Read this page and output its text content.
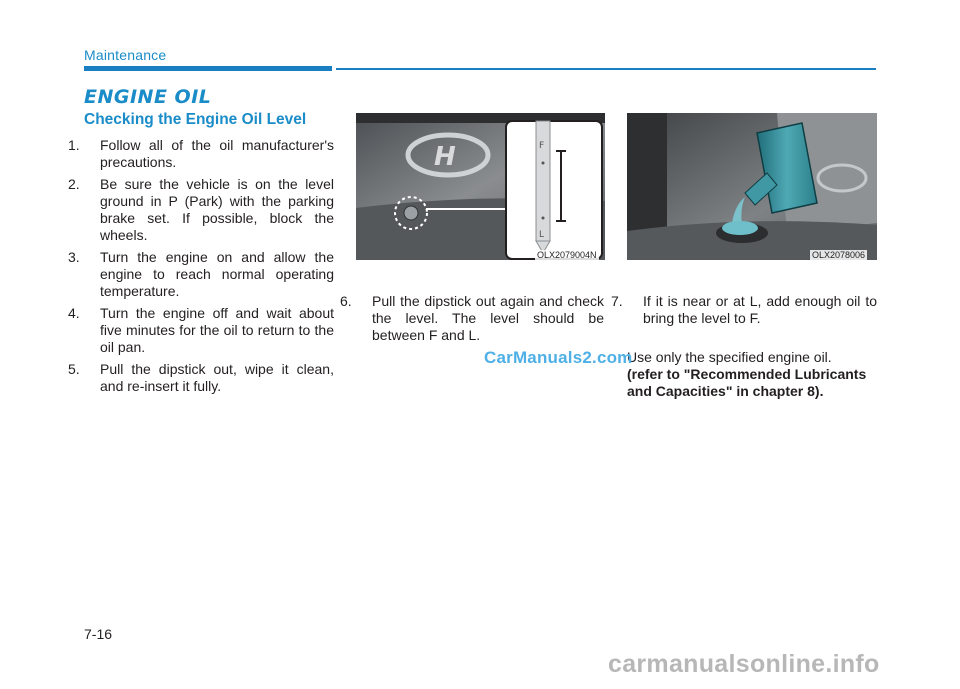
Maintenance
ENGINE OIL
Checking the Engine Oil Level
1. Follow all of the oil manufacturer's precautions.
2. Be sure the vehicle is on the level ground in P (Park) with the parking brake set. If possible, block the wheels.
3. Turn the engine on and allow the engine to reach normal operating temperature.
4. Turn the engine off and wait about five minutes for the oil to return to the oil pan.
5. Pull the dipstick out, wipe it clean, and re-insert it fully.
H	F
L
OLX2079004N
6. Pull the dipstick out again and check the level. The level should be between F and L.
OLX2078006
7. If it is near or at L, add enough oil to bring the level to F.
Use only the specified engine oil.
(refer to "Recommended Lubricants and Capacities" in chapter 8).
CarManuals2.com
7-16
carmanualsonline.info
